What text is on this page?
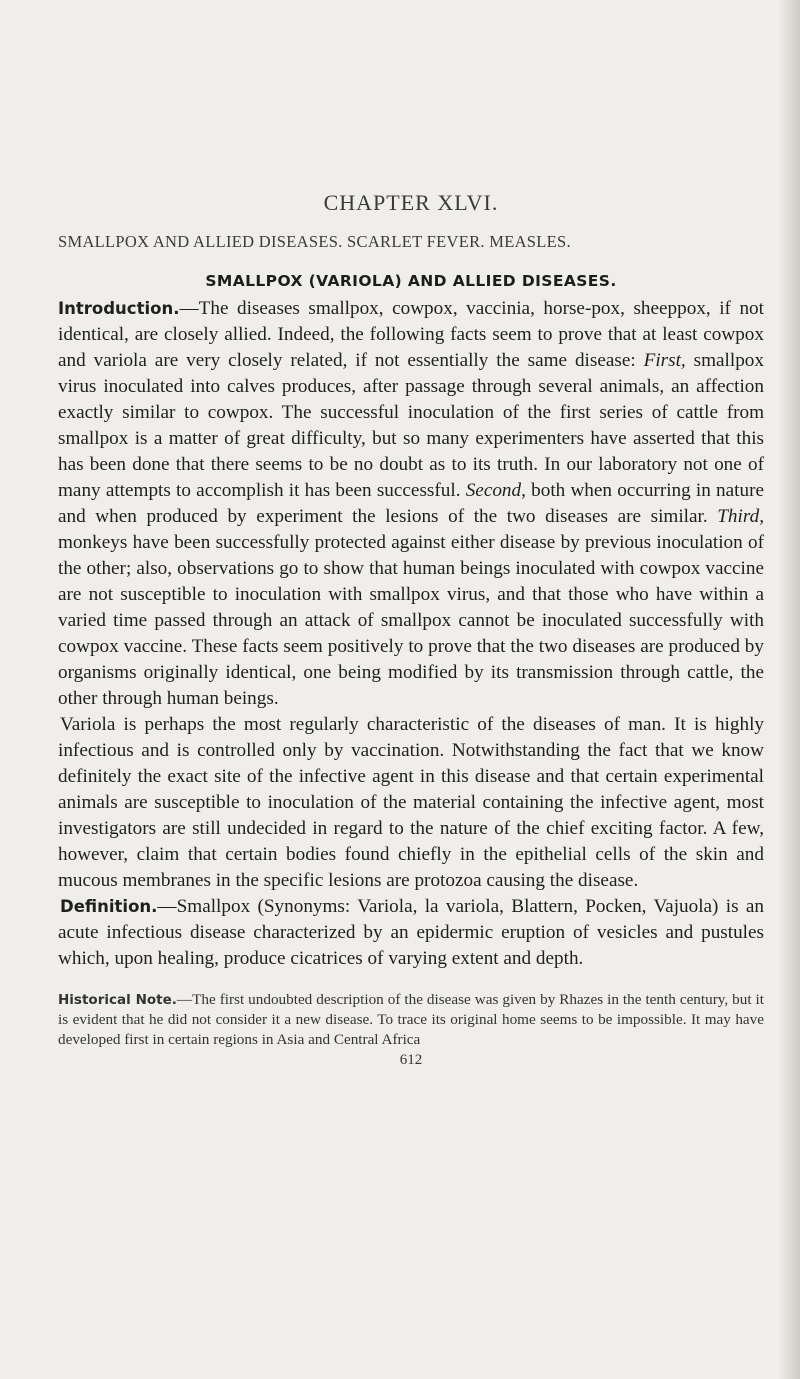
CHAPTER XLVI.
SMALLPOX AND ALLIED DISEASES. SCARLET FEVER. MEASLES.
SMALLPOX (VARIOLA) AND ALLIED DISEASES.

Introduction.—The diseases smallpox, cowpox, vaccinia, horse-pox, sheeppox, if not identical, are closely allied. Indeed, the following facts seem to prove that at least cowpox and variola are very closely related, if not essentially the same disease: First, smallpox virus inoculated into calves produces, after passage through several animals, an affection exactly similar to cowpox. The successful inoculation of the first series of cattle from smallpox is a matter of great difficulty, but so many experimenters have asserted that this has been done that there seems to be no doubt as to its truth. In our laboratory not one of many attempts to accomplish it has been successful. Second, both when occurring in nature and when produced by experiment the lesions of the two diseases are similar. Third, monkeys have been successfully protected against either disease by previous inoculation of the other; also, observations go to show that human beings inoculated with cowpox vaccine are not susceptible to inoculation with smallpox virus, and that those who have within a varied time passed through an attack of smallpox cannot be inoculated successfully with cowpox vaccine. These facts seem positively to prove that the two diseases are produced by organisms originally identical, one being modified by its transmission through cattle, the other through human beings.

Variola is perhaps the most regularly characteristic of the diseases of man. It is highly infectious and is controlled only by vaccination. Notwithstanding the fact that we know definitely the exact site of the infective agent in this disease and that certain experimental animals are susceptible to inoculation of the material containing the infective agent, most investigators are still undecided in regard to the nature of the chief exciting factor. A few, however, claim that certain bodies found chiefly in the epithelial cells of the skin and mucous membranes in the specific lesions are protozoa causing the disease.

Definition.—Smallpox (Synonyms: Variola, la variola, Blattern, Pocken, Vajuola) is an acute infectious disease characterized by an epidermic eruption of vesicles and pustules which, upon healing, produce cicatrices of varying extent and depth.

Historical Note.—The first undoubted description of the disease was given by Rhazes in the tenth century, but it is evident that he did not consider it a new disease. To trace its original home seems to be impossible. It may have developed first in certain regions in Asia and Central Africa

612
